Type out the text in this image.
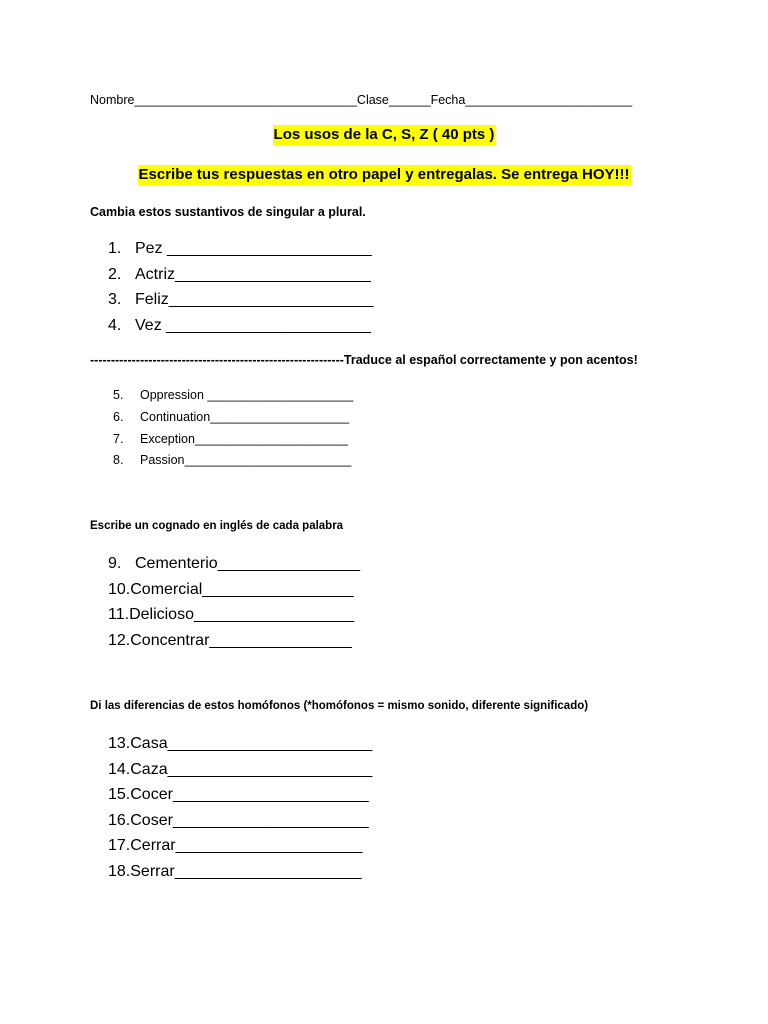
Nombre________________________________Clase______Fecha________________________
Los usos de la C, S, Z ( 40 pts )
Escribe tus respuestas en otro papel y entregalas. Se entrega HOY!!!
Cambia estos sustantivos de singular a plural.
1. Pez _______________________
2. Actriz______________________
3. Feliz_______________________
4. Vez _______________________
-------------------------------------------------------------Traduce al español correctamente y pon acentos!
5. Oppression _____________________
6. Continuation____________________
7. Exception______________________
8. Passion________________________
Escribe un cognado en inglés de cada palabra
9. Cementerio________________
10.Comercial_________________
11.Delicioso__________________
12.Concentrar________________
Di las diferencias de estos homófonos (*homófonos = mismo sonido, diferente significado)
13.Casa_______________________
14.Caza_______________________
15.Cocer______________________
16.Coser______________________
17.Cerrar_____________________
18.Serrar_____________________
